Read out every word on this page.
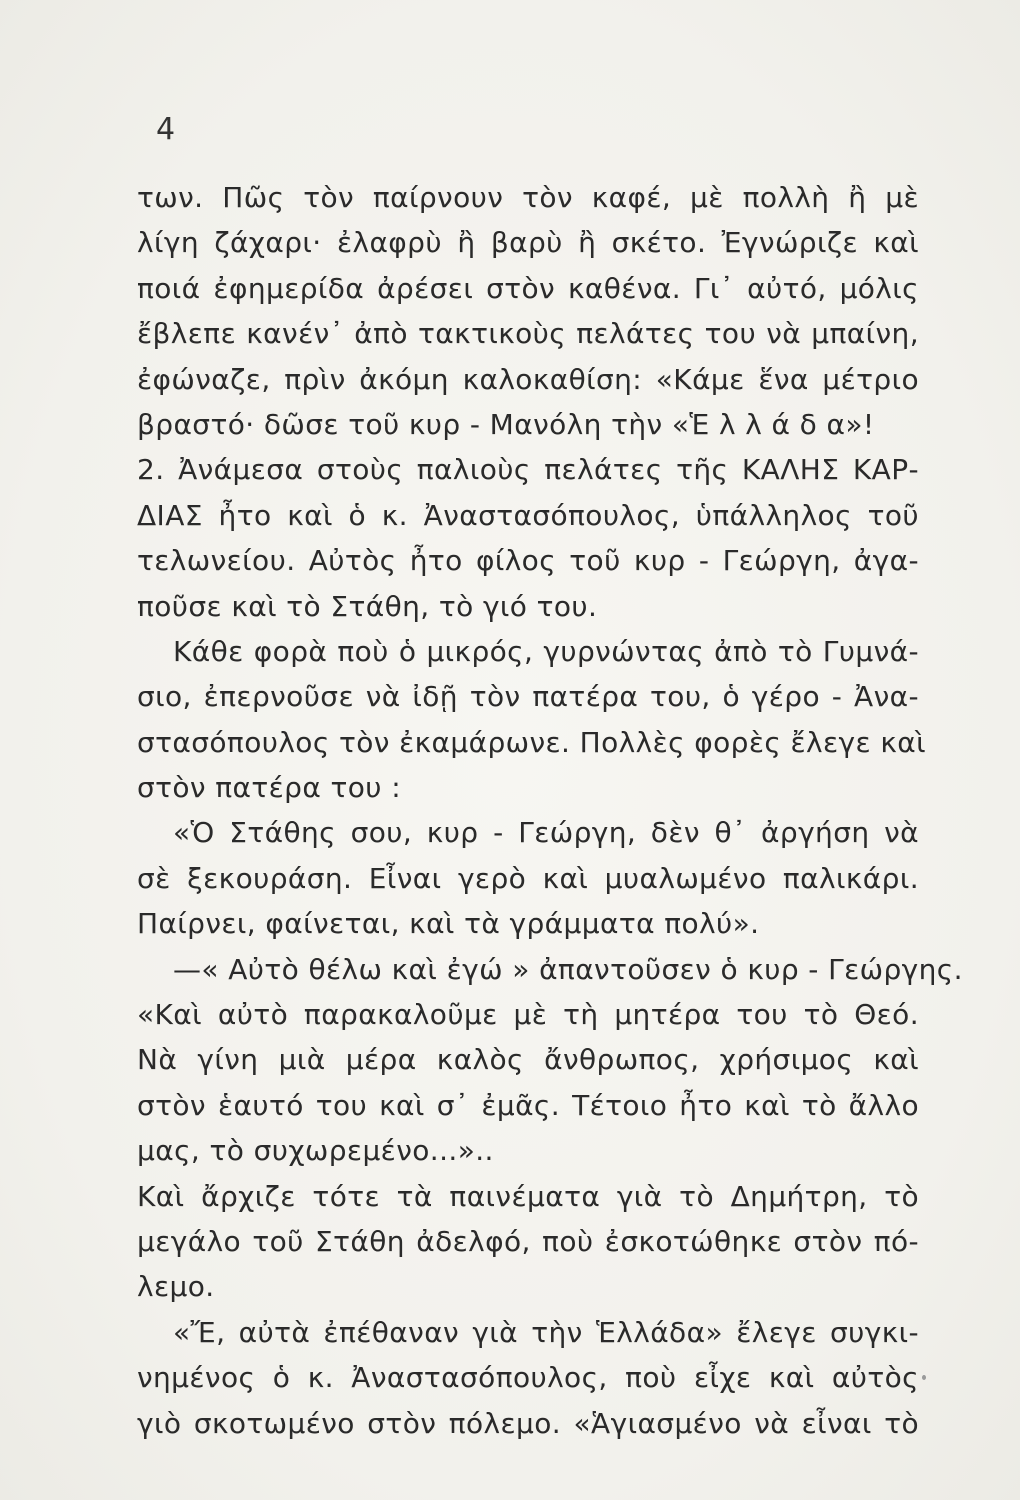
4
των. Πῶς τὸν παίρνουν τὸν καφέ, μὲ πολλὴ ἢ μὲ
λίγη ζάχαρι· ἐλαφρὺ ἢ βαρὺ ἢ σκέτο. Ἐγνώριζε καὶ
ποιά ἐφημερίδα ἀρέσει στὸν καθένα. Γι᾽ αὐτό, μόλις
ἔβλεπε κανέν᾽ ἀπὸ τακτικοὺς πελάτες του νὰ μπαίνη,
ἐφώναζε, πρὶν ἀκόμη καλοκαθίση: «Κάμε ἕνα μέτριο
βραστό· δῶσε τοῦ κυρ - Μανόλη τὴν «Ἑ λ λ ά δ α»!
2. Ἀνάμεσα στοὺς παλιοὺς πελάτες τῆς ΚΑΛΗΣ ΚΑΡ-
ΔΙΑΣ ἦτο καὶ ὁ κ. Ἀναστασόπουλος, ὑπάλληλος τοῦ
τελωνείου. Αὐτὸς ἦτο φίλος τοῦ κυρ - Γεώργη, ἀγα-
ποῦσε καὶ τὸ Στάθη, τὸ γιό του.
Κάθε φορὰ ποὺ ὁ μικρός, γυρνώντας ἀπὸ τὸ Γυμνά-
σιο, ἐπερνοῦσε νὰ ἰδῇ τὸν πατέρα του, ὁ γέρο - Ἀνα-
στασόπουλος τὸν ἐκαμάρωνε. Πολλὲς φορὲς ἔλεγε καὶ
στὸν πατέρα του :
«Ὁ Στάθης σου, κυρ - Γεώργη, δὲν θ᾽ ἀργήση νὰ
σὲ ξεκουράση. Εἶναι γερὸ καὶ μυαλωμένο παλικάρι.
Παίρνει, φαίνεται, καὶ τὰ γράμματα πολύ».
—« Αὐτὸ θέλω καὶ ἐγώ » ἀπαντοῦσεν ὁ κυρ - Γεώργης.
«Καὶ αὐτὸ παρακαλοῦμε μὲ τὴ μητέρα του τὸ Θεό.
Νὰ γίνη μιὰ μέρα καλὸς ἄνθρωπος, χρήσιμος καὶ
στὸν ἑαυτό του καὶ σ᾽ ἐμᾶς. Τέτοιο ἦτο καὶ τὸ ἄλλο
μας, τὸ συχωρεμένο...»..
Καὶ ἄρχιζε τότε τὰ παινέματα γιὰ τὸ Δημήτρη, τὸ
μεγάλο τοῦ Στάθη ἀδελφό, ποὺ ἐσκοτώθηκε στὸν πό-
λεμο.
«Ἔ, αὐτὰ ἐπέθαναν γιὰ τὴν Ἑλλάδα» ἔλεγε συγκι-
νημένος ὁ κ. Ἀναστασόπουλος, ποὺ εἶχε καὶ αὐτὸς
γιὸ σκοτωμένο στὸν πόλεμο. «Ἁγιασμένο νὰ εἶναι τὸ
